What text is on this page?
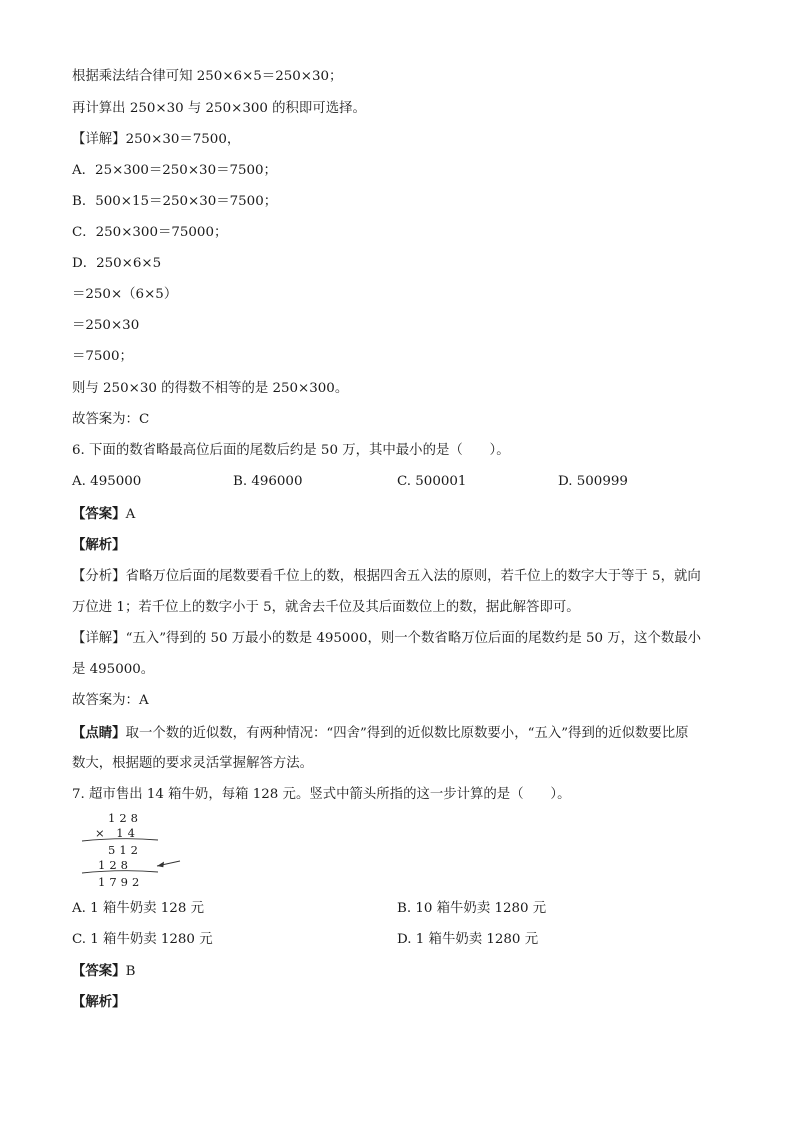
根据乘法结合律可知 250×6×5＝250×30；
再计算出 250×30 与 250×300 的积即可选择。
【详解】250×30＝7500，
A．25×300＝250×30＝7500；
B．500×15＝250×30＝7500；
C．250×300＝75000；
D．250×6×5
＝250×（6×5）
＝250×30
＝7500；
则与 250×30 的得数不相等的是 250×300。
故答案为：C
6. 下面的数省略最高位后面的尾数后约是 50 万，其中最小的是（　　）。
A. 495000	B. 496000	C. 500001	D. 500999
【答案】A
【解析】
【分析】省略万位后面的尾数要看千位上的数，根据四舍五入法的原则，若千位上的数字大于等于 5，就向
万位进 1；若千位上的数字小于 5，就舍去千位及其后面数位上的数，据此解答即可。
【详解】“五入”得到的 50 万最小的数是 495000，则一个数省略万位后面的尾数约是 50 万，这个数最小
是 495000。
故答案为：A
【点睛】取一个数的近似数，有两种情况：“四舍”得到的近似数比原数要小，“五入”得到的近似数要比原
数大，根据题的要求灵活掌握解答方法。
7. 超市售出 14 箱牛奶，每箱 128 元。竖式中箭头所指的这一步计算的是（　　）。
128
× 14
512
128
1792
A. 1 箱牛奶卖 128 元	B. 10 箱牛奶卖 1280 元
C. 1 箱牛奶卖 1280 元	D. 1 箱牛奶卖 1280 元
【答案】B
【解析】
